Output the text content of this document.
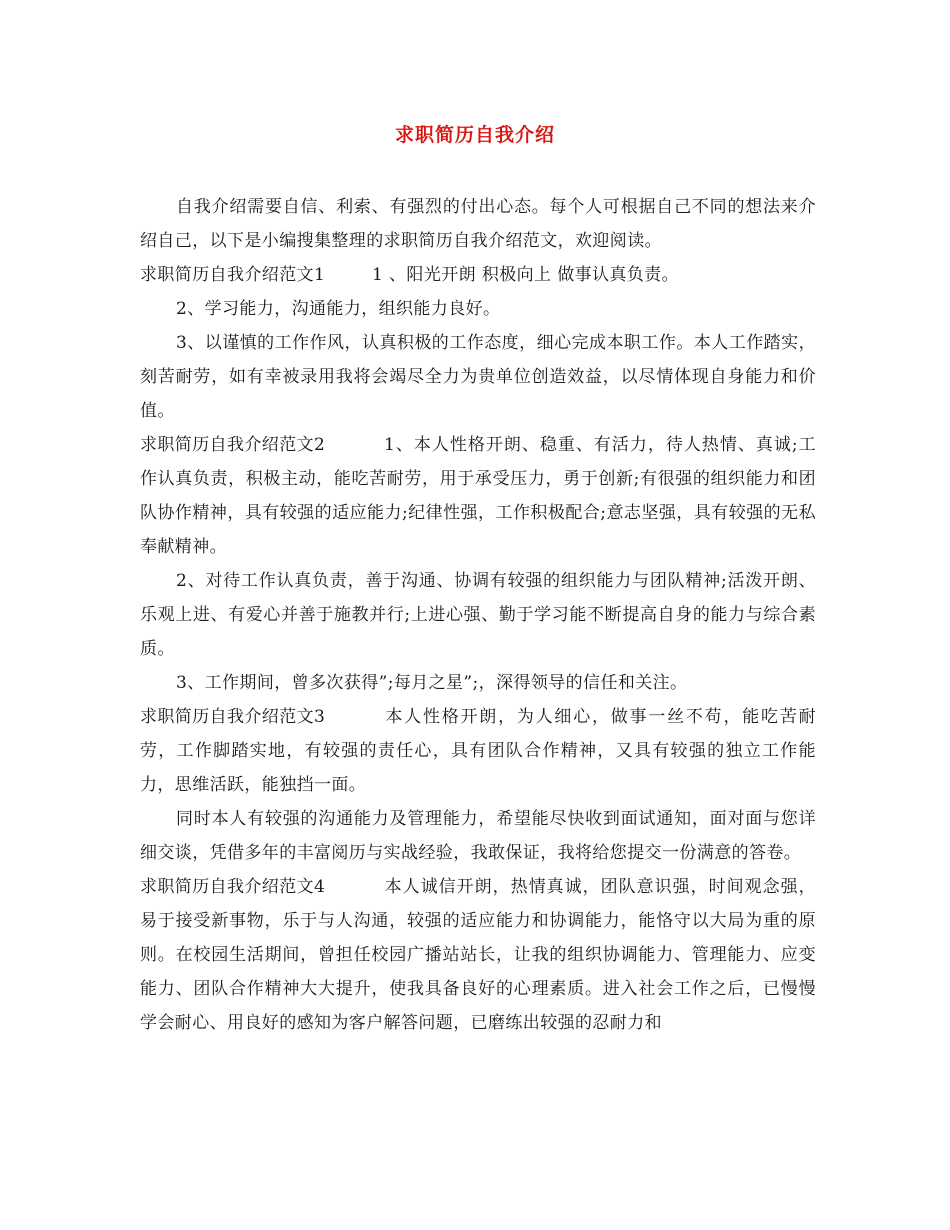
求职简历自我介绍

自我介绍需要自信、利索、有强烈的付出心态。每个人可根据自己不同的想法来介绍自己，以下是小编搜集整理的求职简历自我介绍范文，欢迎阅读。

求职简历自我介绍范文1	1 、阳光开朗 积极向上 做事认真负责。

2、学习能力，沟通能力，组织能力良好。

3、以谨慎的工作作风，认真积极的工作态度，细心完成本职工作。本人工作踏实，刻苦耐劳，如有幸被录用我将会竭尽全力为贵单位创造效益，以尽情体现自身能力和价值。

求职简历自我介绍范文2	1、本人性格开朗、稳重、有活力，待人热情、真诚;工作认真负责，积极主动，能吃苦耐劳，用于承受压力，勇于创新;有很强的组织能力和团队协作精神，具有较强的适应能力;纪律性强，工作积极配合;意志坚强，具有较强的无私奉献精神。

2、对待工作认真负责，善于沟通、协调有较强的组织能力与团队精神;活泼开朗、乐观上进、有爱心并善于施教并行;上进心强、勤于学习能不断提高自身的能力与综合素质。

3、工作期间，曾多次获得”;每月之星”;，深得领导的信任和关注。

求职简历自我介绍范文3	本人性格开朗，为人细心，做事一丝不苟，能吃苦耐劳，工作脚踏实地，有较强的责任心，具有团队合作精神，又具有较强的独立工作能力，思维活跃，能独挡一面。

同时本人有较强的沟通能力及管理能力，希望能尽快收到面试通知，面对面与您详细交谈，凭借多年的丰富阅历与实战经验，我敢保证，我将给您提交一份满意的答卷。

求职简历自我介绍范文4	本人诚信开朗，热情真诚，团队意识强，时间观念强，易于接受新事物，乐于与人沟通，较强的适应能力和协调能力，能恪守以大局为重的原则。在校园生活期间，曾担任校园广播站站长，让我的组织协调能力、管理能力、应变能力、团队合作精神大大提升，使我具备良好的心理素质。进入社会工作之后，已慢慢学会耐心、用良好的感知为客户解答问题，已磨练出较强的忍耐力和
